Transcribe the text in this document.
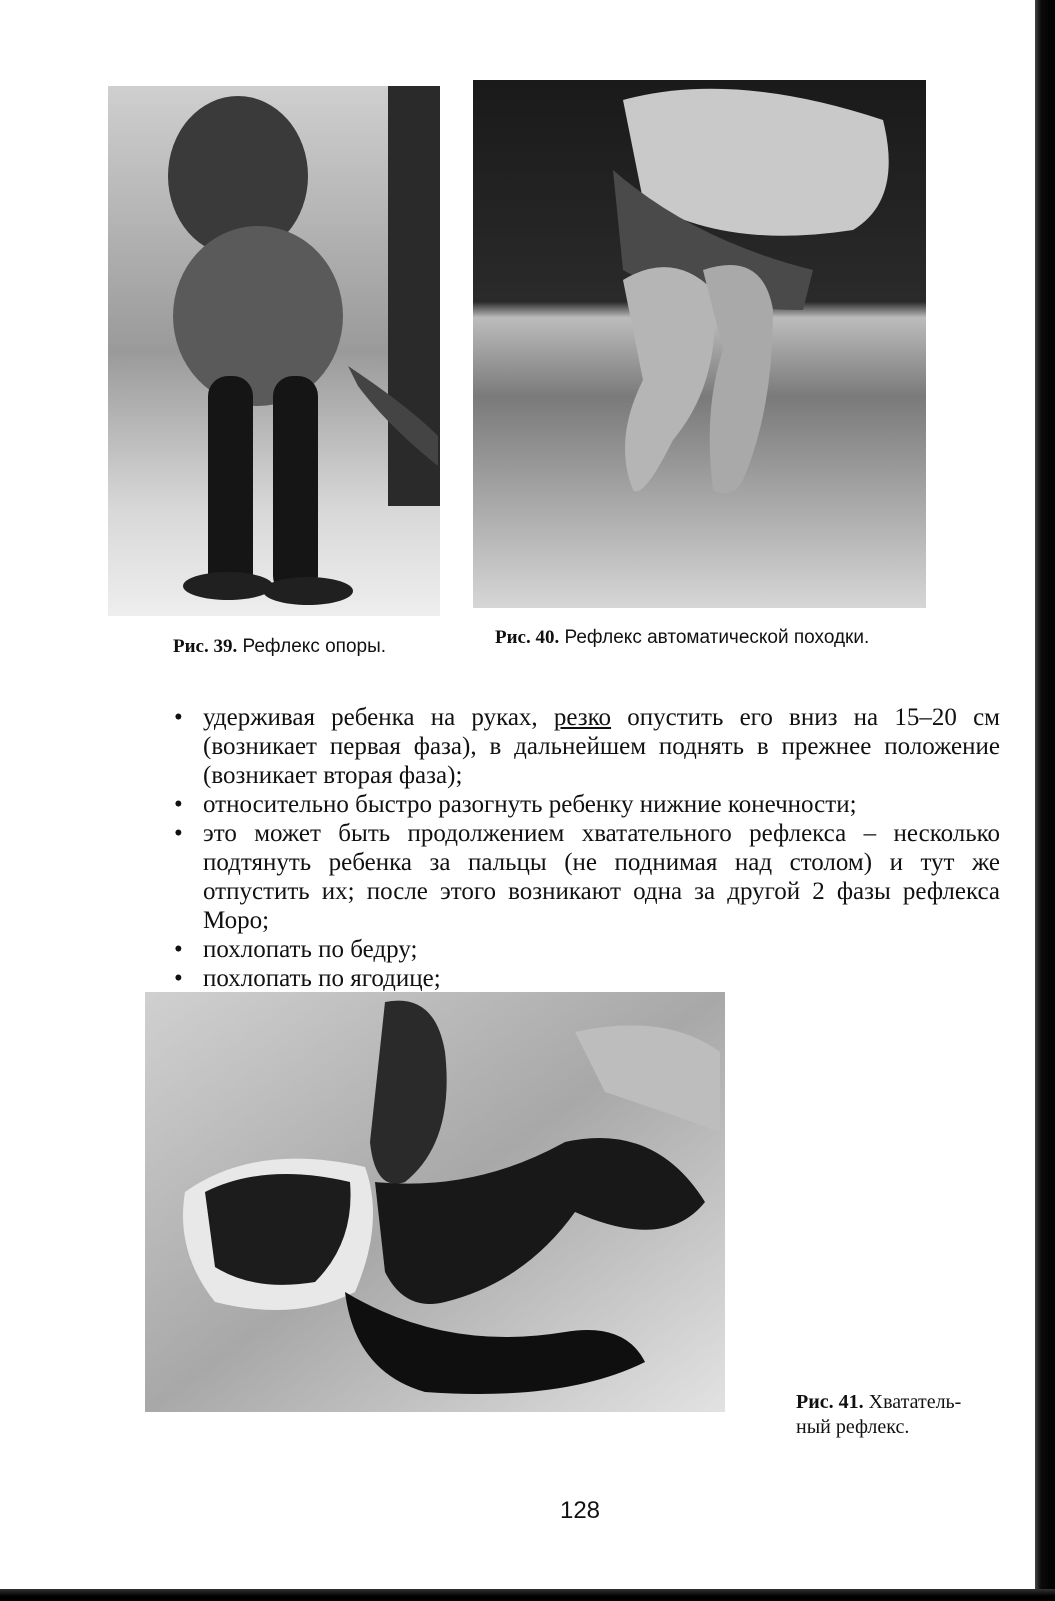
Рис. 39. Рефлекс опоры.	Рис. 40. Рефлекс автоматической походки.
• удерживая ребенка на руках, резко опустить его вниз на 15–20 см (возникает первая фаза), в дальнейшем поднять в прежнее положение (возникает вторая фаза);
• относительно быстро разогнуть ребенку нижние конечности;
• это может быть продолжением хватательного рефлекса – несколько подтянуть ребенка за пальцы (не поднимая над столом) и тут же отпустить их; после этого возникают одна за другой 2 фазы рефлекса Моро;
• похлопать по бедру;
• похлопать по ягодице;
Рис. 41. Хвататель-
ный рефлекс.
128
